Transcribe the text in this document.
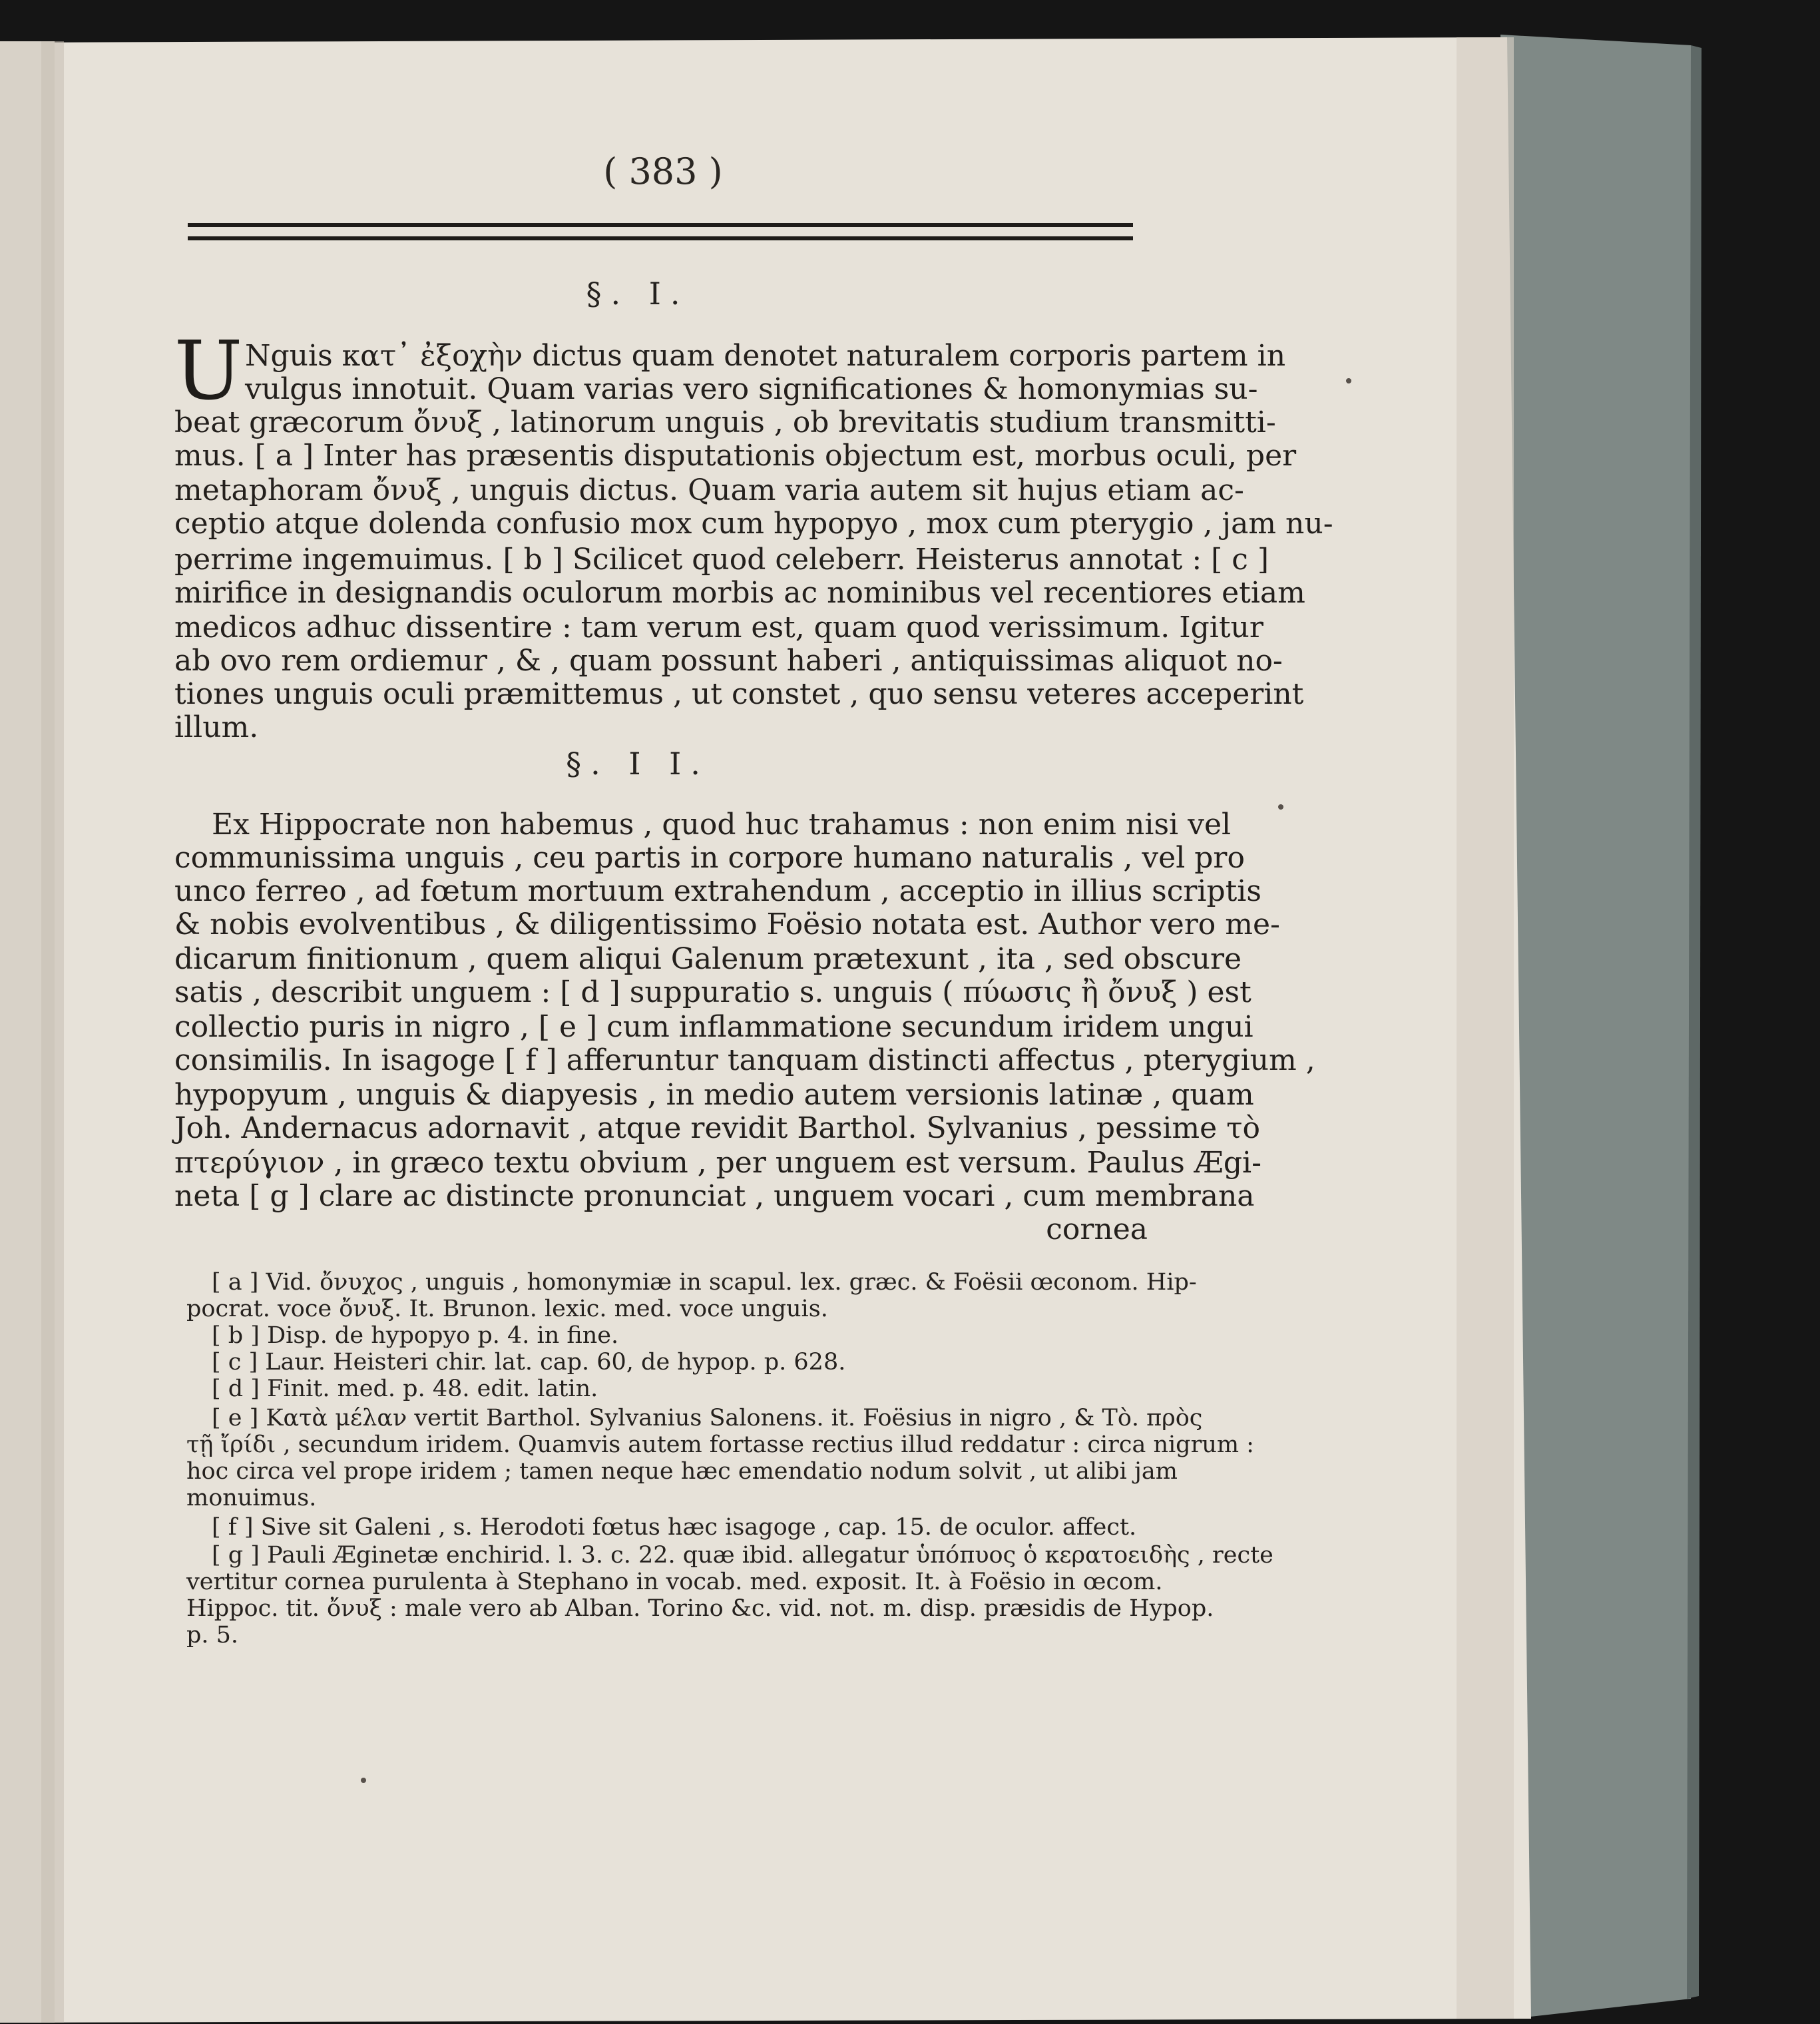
( 383 )
§. I.
U Nguis κατ᾽ ἐξοχὴν dictus quam denotet naturalem corporis partem in
vulgus innotuit. Quam varias vero significationes & homonymias su-
beat græcorum ὄνυξ , latinorum unguis , ob brevitatis studium transmitti-
mus. [ a ] Inter has præsentis disputationis objectum est, morbus oculi, per
metaphoram ὄνυξ , unguis dictus. Quam varia autem sit hujus etiam ac-
ceptio atque dolenda confusio mox cum hypopyo , mox cum pterygio , jam nu-
perrime ingemuimus. [ b ] Scilicet quod celeberr. Heisterus annotat : [ c ]
mirifice in designandis oculorum morbis ac nominibus vel recentiores etiam
medicos adhuc dissentire : tam verum est, quam quod verissimum. Igitur
ab ovo rem ordiemur , & , quam possunt haberi , antiquissimas aliquot no-
tiones unguis oculi præmittemus , ut constet , quo sensu veteres acceperint
illum.
§. I I.
Ex Hippocrate non habemus , quod huc trahamus : non enim nisi vel
communissima unguis , ceu partis in corpore humano naturalis , vel pro
unco ferreo , ad fœtum mortuum extrahendum , acceptio in illius scriptis
& nobis evolventibus , & diligentissimo Foësio notata est. Author vero me-
dicarum finitionum , quem aliqui Galenum prætexunt , ita , sed obscure
satis , describit unguem : [ d ] suppuratio s. unguis ( πύωσις ἢ ὄνυξ ) est
collectio puris in nigro , [ e ] cum inflammatione secundum iridem ungui
consimilis. In isagoge [ f ] afferuntur tanquam distincti affectus , pterygium ,
hypopyum , unguis & diapyesis , in medio autem versionis latinæ , quam
Joh. Andernacus adornavit , atque revidit Barthol. Sylvanius , pessime τὸ
πτερύγιον , in græco textu obvium , per unguem est versum. Paulus Ægi-
neta [ g ] clare ac distincte pronunciat , unguem vocari , cum membrana
cornea
[ a ] Vid. ὄνυχος , unguis , homonymiæ in scapul. lex. græc. & Foësii œconom. Hip-
pocrat. voce ὄνυξ. It. Brunon. lexic. med. voce unguis.
[ b ] Disp. de hypopyo p. 4. in fine.
[ c ] Laur. Heisteri chir. lat. cap. 60, de hypop. p. 628.
[ d ] Finit. med. p. 48. edit. latin.
[ e ] Κατὰ μέλαν vertit Barthol. Sylvanius Salonens. it. Foësius in nigro , & Τὸ. πρὸς
τῇ ἴρίδι , secundum iridem. Quamvis autem fortasse rectius illud reddatur : circa nigrum :
hoc circa vel prope iridem ; tamen neque hæc emendatio nodum solvit , ut alibi jam
monuimus.
[ f ] Sive sit Galeni , s. Herodoti fœtus hæc isagoge , cap. 15. de oculor. affect.
[ g ] Pauli Æginetæ enchirid. l. 3. c. 22. quæ ibid. allegatur ὑπόπυος ὁ κερατοειδὴς , recte
vertitur cornea purulenta à Stephano in vocab. med. exposit. It. à Foësio in œcom.
Hippoc. tit. ὄνυξ : male vero ab Alban. Torino &c. vid. not. m. disp. præsidis de Hypop.
p. 5.
